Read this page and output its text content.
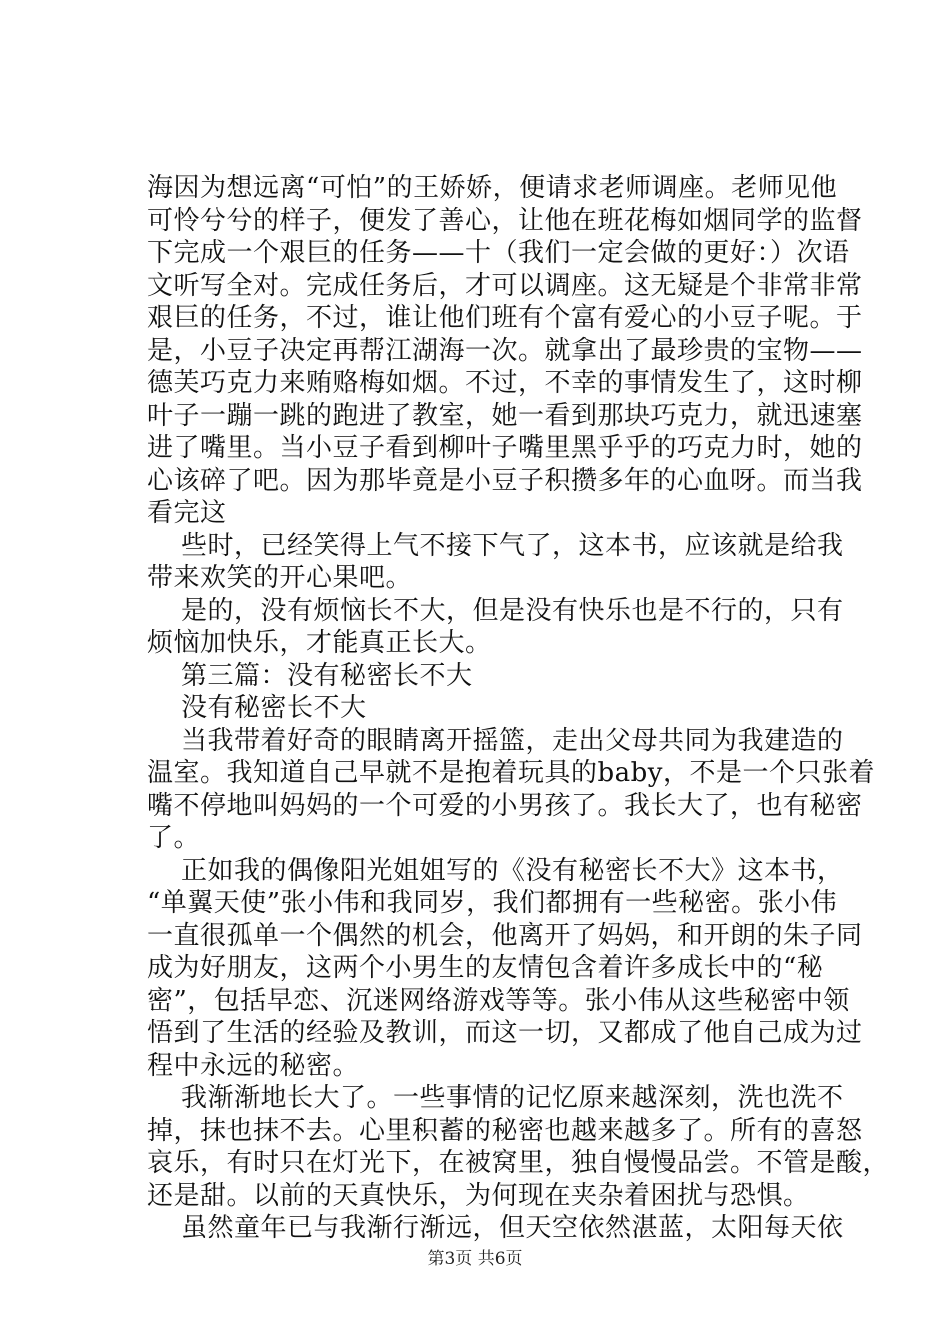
海因为想远离“可怕”的王娇娇，便请求老师调座。老师见他
可怜兮兮的样子，便发了善心，让他在班花梅如烟同学的监督
下完成一个艰巨的任务——十（我们一定会做的更好：）次语
文听写全对。完成任务后，才可以调座。这无疑是个非常非常
艰巨的任务，不过，谁让他们班有个富有爱心的小豆子呢。于
是，小豆子决定再帮江湖海一次。就拿出了最珍贵的宝物——
德芙巧克力来贿赂梅如烟。不过，不幸的事情发生了，这时柳
叶子一蹦一跳的跑进了教室，她一看到那块巧克力，就迅速塞
进了嘴里。当小豆子看到柳叶子嘴里黑乎乎的巧克力时，她的
心该碎了吧。因为那毕竟是小豆子积攒多年的心血呀。而当我
看完这
些时，已经笑得上气不接下气了，这本书，应该就是给我
带来欢笑的开心果吧。
是的，没有烦恼长不大，但是没有快乐也是不行的，只有
烦恼加快乐，才能真正长大。
第三篇：没有秘密长不大
没有秘密长不大
当我带着好奇的眼睛离开摇篮，走出父母共同为我建造的
温室。我知道自己早就不是抱着玩具的baby，不是一个只张着
嘴不停地叫妈妈的一个可爱的小男孩了。我长大了，也有秘密
了。
正如我的偶像阳光姐姐写的《没有秘密长不大》这本书，
“单翼天使”张小伟和我同岁，我们都拥有一些秘密。张小伟
一直很孤单一个偶然的机会，他离开了妈妈，和开朗的朱子同
成为好朋友，这两个小男生的友情包含着许多成长中的“秘
密”，包括早恋、沉迷网络游戏等等。张小伟从这些秘密中领
悟到了生活的经验及教训，而这一切，又都成了他自己成为过
程中永远的秘密。
我渐渐地长大了。一些事情的记忆原来越深刻，洗也洗不
掉，抹也抹不去。心里积蓄的秘密也越来越多了。所有的喜怒
哀乐，有时只在灯光下，在被窝里，独自慢慢品尝。不管是酸，
还是甜。以前的天真快乐，为何现在夹杂着困扰与恐惧。
虽然童年已与我渐行渐远，但天空依然湛蓝，太阳每天依
第3页 共6页
